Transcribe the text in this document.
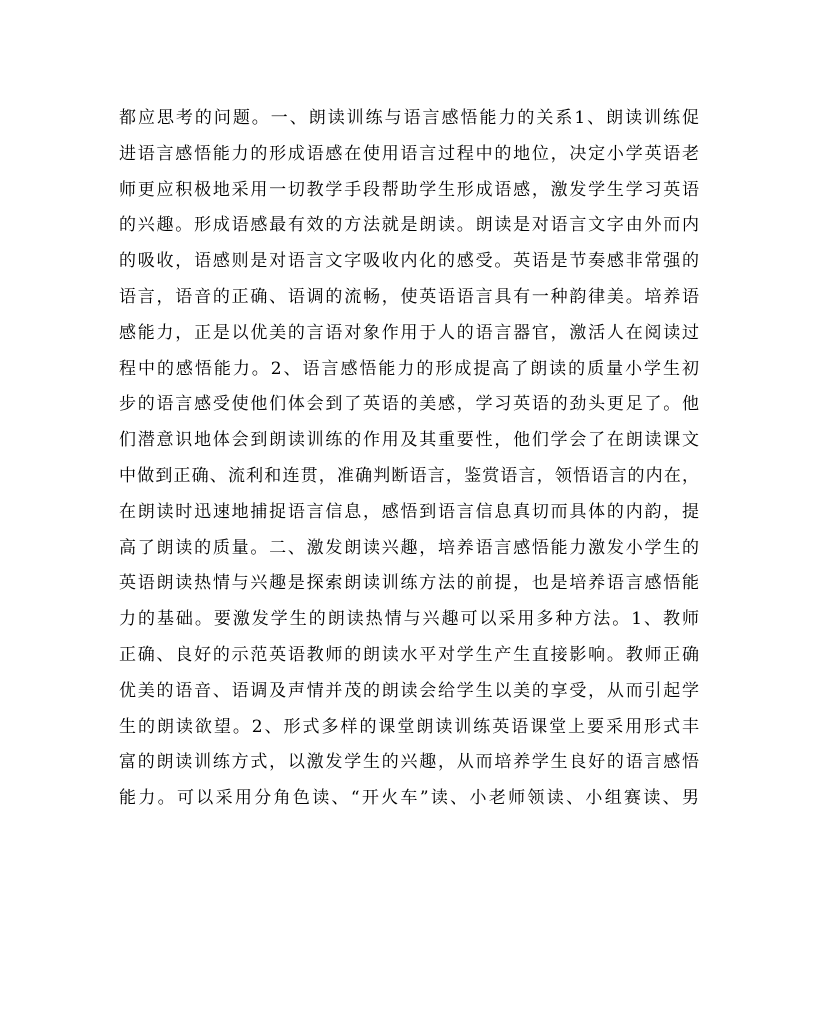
都应思考的问题。一、朗读训练与语言感悟能力的关系1、朗读训练促
进语言感悟能力的形成语感在使用语言过程中的地位，决定小学英语老
师更应积极地采用一切教学手段帮助学生形成语感，激发学生学习英语
的兴趣。形成语感最有效的方法就是朗读。朗读是对语言文字由外而内
的吸收，语感则是对语言文字吸收内化的感受。英语是节奏感非常强的
语言，语音的正确、语调的流畅，使英语语言具有一种韵律美。培养语
感能力，正是以优美的言语对象作用于人的语言器官，激活人在阅读过
程中的感悟能力。2、语言感悟能力的形成提高了朗读的质量小学生初
步的语言感受使他们体会到了英语的美感，学习英语的劲头更足了。他
们潜意识地体会到朗读训练的作用及其重要性，他们学会了在朗读课文
中做到正确、流利和连贯，准确判断语言，鉴赏语言，领悟语言的内在，
在朗读时迅速地捕捉语言信息，感悟到语言信息真切而具体的内韵，提
高了朗读的质量。二、激发朗读兴趣，培养语言感悟能力激发小学生的
英语朗读热情与兴趣是探索朗读训练方法的前提，也是培养语言感悟能
力的基础。要激发学生的朗读热情与兴趣可以采用多种方法。1、教师
正确、良好的示范英语教师的朗读水平对学生产生直接影响。教师正确
优美的语音、语调及声情并茂的朗读会给学生以美的享受，从而引起学
生的朗读欲望。2、形式多样的课堂朗读训练英语课堂上要采用形式丰
富的朗读训练方式，以激发学生的兴趣，从而培养学生良好的语言感悟
能力。可以采用分角色读、“开火车”读、小老师领读、小组赛读、男
